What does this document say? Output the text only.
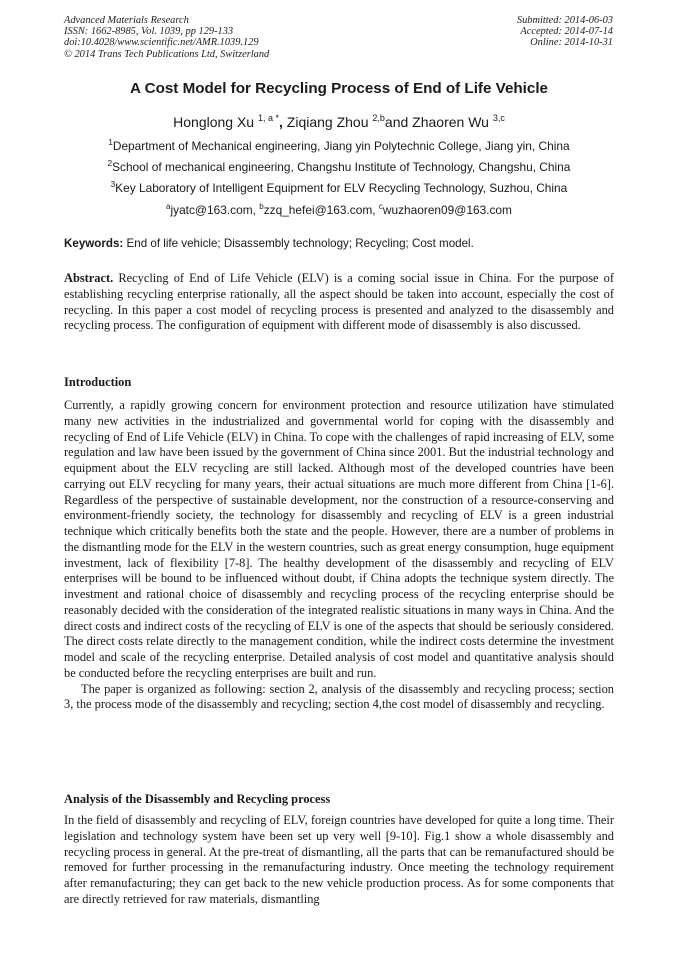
Advanced Materials Research
ISSN: 1662-8985, Vol. 1039, pp 129-133
doi:10.4028/www.scientific.net/AMR.1039.129
© 2014 Trans Tech Publications Ltd, Switzerland
Submitted: 2014-06-03
Accepted: 2014-07-14
Online: 2014-10-31
A Cost Model for Recycling Process of End of Life Vehicle
Honglong Xu $^{1, a *}$, Ziqiang Zhou $^{2,b}$and Zhaoren Wu $^{3,c}$
$^1$Department of Mechanical engineering, Jiang yin Polytechnic College, Jiang yin, China
$^2$School of mechanical engineering, Changshu Institute of Technology, Changshu, China
$^3$Key Laboratory of Intelligent Equipment for ELV Recycling Technology, Suzhou, China
$^a$jyatc@163.com, $^b$zzq_hefei@163.com, $^c$wuzhaoren09@163.com
Keywords: End of life vehicle; Disassembly technology; Recycling; Cost model.

Abstract. Recycling of End of Life Vehicle (ELV) is a coming social issue in China. For the purpose of establishing recycling enterprise rationally, all the aspect should be taken into account, especially the cost of recycling. In this paper a cost model of recycling process is presented and analyzed to the disassembly and recycling process. The configuration of equipment with different mode of disassembly is also discussed.

Introduction

Currently, a rapidly growing concern for environment protection and resource utilization have stimulated many new activities in the industrialized and governmental world for coping with the disassembly and recycling of End of Life Vehicle (ELV) in China. To cope with the challenges of rapid increasing of ELV, some regulation and law have been issued by the government of China since 2001. But the industrial technology and equipment about the ELV recycling are still lacked. Although most of the developed countries have been carrying out ELV recycling for many years, their actual situations are much more different from China [1-6]. Regardless of the perspective of sustainable development, nor the construction of a resource-conserving and environment-friendly society, the technology for disassembly and recycling of ELV is a green industrial technique which critically benefits both the state and the people. However, there are a number of problems in the dismantling mode for the ELV in the western countries, such as great energy consumption, huge equipment investment, lack of flexibility [7-8]. The healthy development of the disassembly and recycling of ELV enterprises will be bound to be influenced without doubt, if China adopts the technique system directly. The investment and rational choice of disassembly and recycling process of the recycling enterprise should be reasonably decided with the consideration of the integrated realistic situations in many ways in China. And the direct costs and indirect costs of the recycling of ELV is one of the aspects that should be seriously considered. The direct costs relate directly to the management condition, while the indirect costs determine the investment model and scale of the recycling enterprise. Detailed analysis of cost model and quantitative analysis should be conducted before the recycling enterprises are built and run.

The paper is organized as following: section 2, analysis of the disassembly and recycling process; section 3, the process mode of the disassembly and recycling; section 4,the cost model of disassembly and recycling.

Analysis of the Disassembly and Recycling process

In the field of disassembly and recycling of ELV, foreign countries have developed for quite a long time. Their legislation and technology system have been set up very well [9-10]. Fig.1 show a whole disassembly and recycling process in general. At the pre-treat of dismantling, all the parts that can be remanufactured should be removed for further processing in the remanufacturing industry. Once meeting the technology requirement after remanufacturing; they can get back to the new vehicle production process. As for some components that are directly retrieved for raw materials, dismantling
